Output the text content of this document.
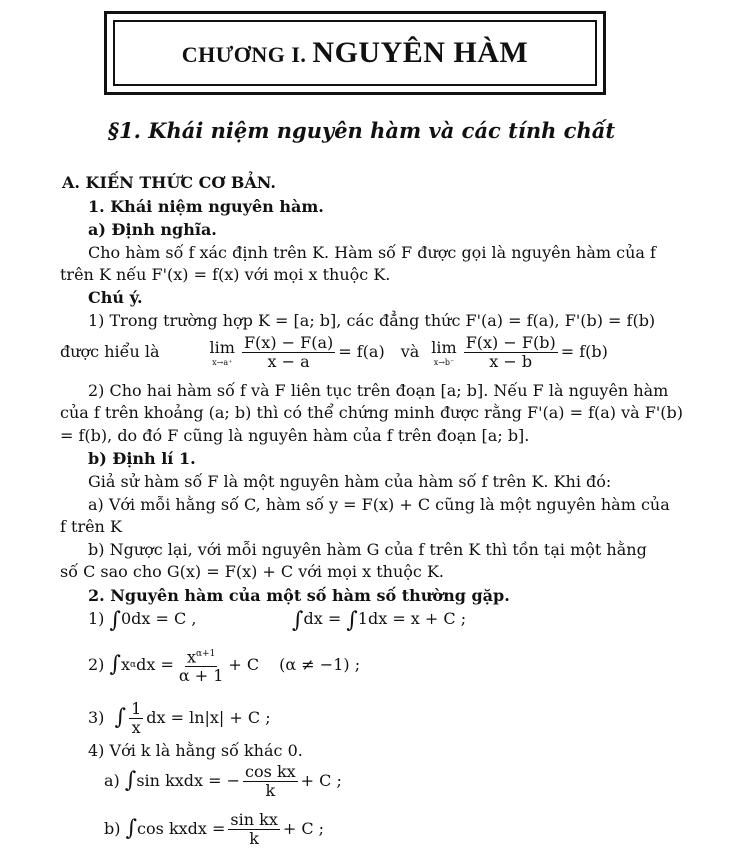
CHƯƠNG I. NGUYÊN HÀM
§1. Khái niệm nguyên hàm và các tính chất
A. KIẾN THỨC CƠ BẢN.
1. Khái niệm nguyên hàm.
a) Định nghĩa.
Cho hàm số f xác định trên K. Hàm số F được gọi là nguyên hàm của f
trên K nếu F'(x) = f(x) với mọi x thuộc K.
Chú ý.
1) Trong trường hợp K = [a; b], các đẳng thức F'(a) = f(a), F'(b) = f(b)
được hiểu là	lim
$x\to a^+ \frac{F(x) - F(a)}{x - a} = f(a)$ và lim
$x\to b^- \frac{F(x) - F(b)}{x - b} = f(b)$
2) Cho hai hàm số f và F liên tục trên đoạn [a; b]. Nếu F là nguyên hàm
của f trên khoảng (a; b) thì có thể chứng minh được rằng F'(a) = f(a) và F'(b)
= f(b), do đó F cũng là nguyên hàm của f trên đoạn [a; b].
b) Định lí 1.
Giả sử hàm số F là một nguyên hàm của hàm số f trên K. Khi đó:
a) Với mỗi hằng số C, hàm số y = F(x) + C cũng là một nguyên hàm của
f trên K
b) Ngược lại, với mỗi nguyên hàm G của f trên K thì tồn tại một hằng
số C sao cho G(x) = F(x) + C với mọi x thuộc K.
2. Nguyên hàm của một số hàm số thường gặp.
1) ∫0dx = C ,	∫dx = ∫1dx = x + C ;
2)
∫ x α dx = $\frac{x^{\alpha+1}}{\alpha + 1} + C$ (α ≠ −1) ;
3)
∫ $\frac{1}{x}$ dx = ln|x| + C ;
4) Với k là hằng số khác 0.
a)
∫ sin kxdx =
− $\frac{\text{cos kx}}{k} + C$ ;
b)
∫ cos kxdx = $\frac{\text{sin kx}}{k} + C$ ;
